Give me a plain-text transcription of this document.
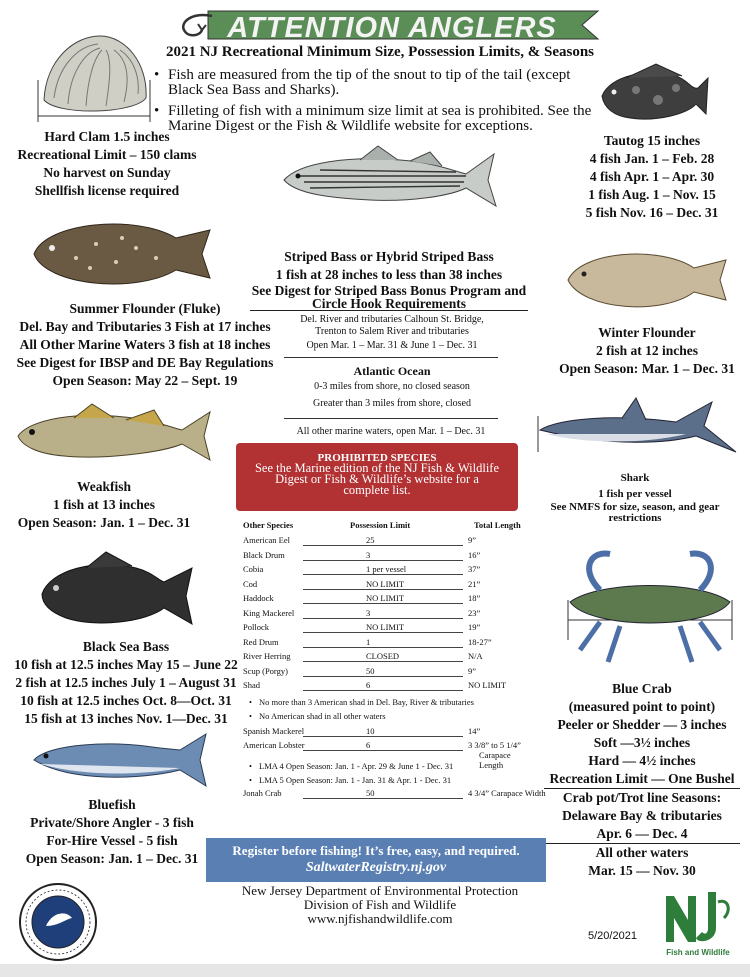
ATTENTION ANGLERS
2021 NJ Recreational Minimum Size, Possession Limits, & Seasons
• Fish are measured from the tip of the snout to tip of the tail (except Black Sea Bass and Sharks).
• Filleting of fish with a minimum size limit at sea is prohibited. See the Marine Digest or the Fish & Wildlife website for exceptions.
Hard Clam 1.5 inches
Recreational Limit – 150 clams
No harvest on Sunday
Shellfish license required
Tautog 15 inches
4 fish Jan. 1 – Feb. 28
4 fish Apr. 1 – Apr. 30
1 fish Aug. 1 – Nov. 15
5 fish Nov. 16 – Dec. 31
Striped Bass or Hybrid Striped Bass
1 fish at 28 inches to less than 38 inches
See Digest for Striped Bass Bonus Program and
Circle Hook Requirements
Del. River and tributaries Calhoun St. Bridge, Trenton to Salem River and tributaries
Open Mar. 1 – Mar. 31 & June 1 – Dec. 31
Atlantic Ocean
0-3 miles from shore, no closed season
Greater than 3 miles from shore, closed
All other marine waters, open Mar. 1 – Dec. 31
Summer Flounder (Fluke)
Del. Bay and Tributaries 3 Fish at 17 inches
All Other Marine Waters 3 fish at 18 inches
See Digest for IBSP and DE Bay Regulations
Open Season: May 22 – Sept. 19
Winter Flounder
2 fish at 12 inches
Open Season: Mar. 1 – Dec. 31
Weakfish
1 fish at 13 inches
Open Season: Jan. 1 – Dec. 31
Shark
1 fish per vessel
See NMFS for size, season, and gear restrictions
PROHIBITED SPECIES
See the Marine edition of the NJ Fish & Wildlife Digest or Fish & Wildlife’s website for a complete list.
Other Species	Possession Limit	Total Length
American Eel	25	9”
Black Drum	3	16”
Cobia	1 per vessel	37”
Cod	NO LIMIT	21”
Haddock	NO LIMIT	18”
King Mackerel	3	23”
Pollock	NO LIMIT	19”
Red Drum	1	18-27”
River Herring	CLOSED	N/A
Scup (Porgy)	50	9”
Shad	6	NO LIMIT
• No more than 3 American shad in Del. Bay, River & tributaries
• No American shad in all other waters
Spanish Mackerel	10	14”
American Lobster	6	3 3/8” to 5 1/4”
Carapace Length
• LMA 4 Open Season: Jan. 1 - Apr. 29 & June 1 - Dec. 31
• LMA 5 Open Season: Jan. 1 - Jan. 31 & Apr. 1 - Dec. 31
Jonah Crab	50	4 3/4” Carapace Width
Black Sea Bass
10 fish at 12.5 inches May 15 – June 22
2 fish at 12.5 inches July 1 – August 31
10 fish at 12.5 inches Oct. 8—Oct. 31
15 fish at 13 inches Nov. 1—Dec. 31
Blue Crab
(measured point to point)
Peeler or Shedder — 3 inches
Soft —3½ inches
Hard — 4½ inches
Recreation Limit — One Bushel
Crab pot/Trot line Seasons:
Delaware Bay & tributaries
Apr. 6 — Dec. 4
All other waters
Mar. 15 — Nov. 30
Bluefish
Private/Shore Angler - 3 fish
For-Hire Vessel - 5 fish
Open Season: Jan. 1 – Dec. 31
Register before fishing! It’s free, easy, and required.
SaltwaterRegistry.nj.gov
New Jersey Department of Environmental Protection
Division of Fish and Wildlife
www.njfishandwildlife.com
5/20/2021
Fish and Wildlife
